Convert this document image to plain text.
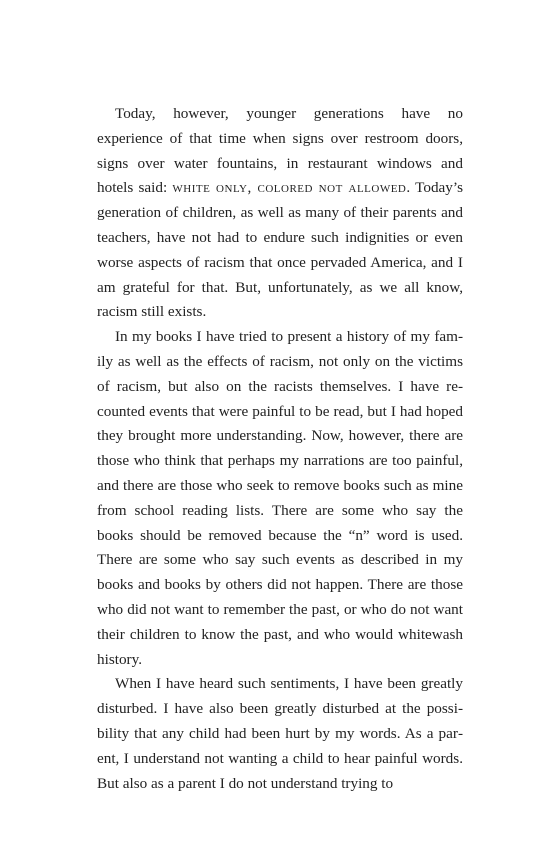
Today, however, younger generations have no experience of that time when signs over restroom doors, signs over water fountains, in restaurant windows and hotels said: white only, colored not allowed. Today’s generation of children, as well as many of their parents and teachers, have not had to endure such indignities or even worse aspects of racism that once pervaded America, and I am grateful for that. But, unfortunately, as we all know, racism still exists.

In my books I have tried to present a history of my family as well as the effects of racism, not only on the victims of racism, but also on the racists themselves. I have recounted events that were painful to be read, but I had hoped they brought more understanding. Now, however, there are those who think that perhaps my narrations are too painful, and there are those who seek to remove books such as mine from school reading lists. There are some who say the books should be removed because the “n” word is used. There are some who say such events as described in my books and books by others did not happen. There are those who did not want to remember the past, or who do not want their children to know the past, and who would whitewash history.

When I have heard such sentiments, I have been greatly disturbed. I have also been greatly disturbed at the possibility that any child had been hurt by my words. As a parent, I understand not wanting a child to hear painful words. But also as a parent I do not understand trying to
